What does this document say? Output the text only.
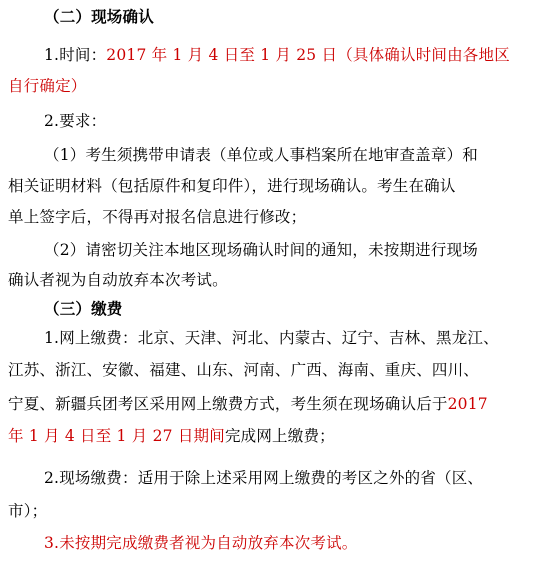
（二）现场确认
1.时间：2017 年 1 月 4 日至 1 月 25 日（具体确认时间由各地区
自行确定）
2.要求：
（1）考生须携带申请表（单位或人事档案所在地审查盖章）和
相关证明材料（包括原件和复印件），进行现场确认。考生在确认
单上签字后，不得再对报名信息进行修改；
（2）请密切关注本地区现场确认时间的通知，未按期进行现场
确认者视为自动放弃本次考试。
（三）缴费
1.网上缴费：北京、天津、河北、内蒙古、辽宁、吉林、黑龙江、
江苏、浙江、安徽、福建、山东、河南、广西、海南、重庆、四川、
宁夏、新疆兵团考区采用网上缴费方式，考生须在现场确认后于2017
年 1 月 4 日至 1 月 27 日期间完成网上缴费；
2.现场缴费：适用于除上述采用网上缴费的考区之外的省（区、
市）；
3.未按期完成缴费者视为自动放弃本次考试。
